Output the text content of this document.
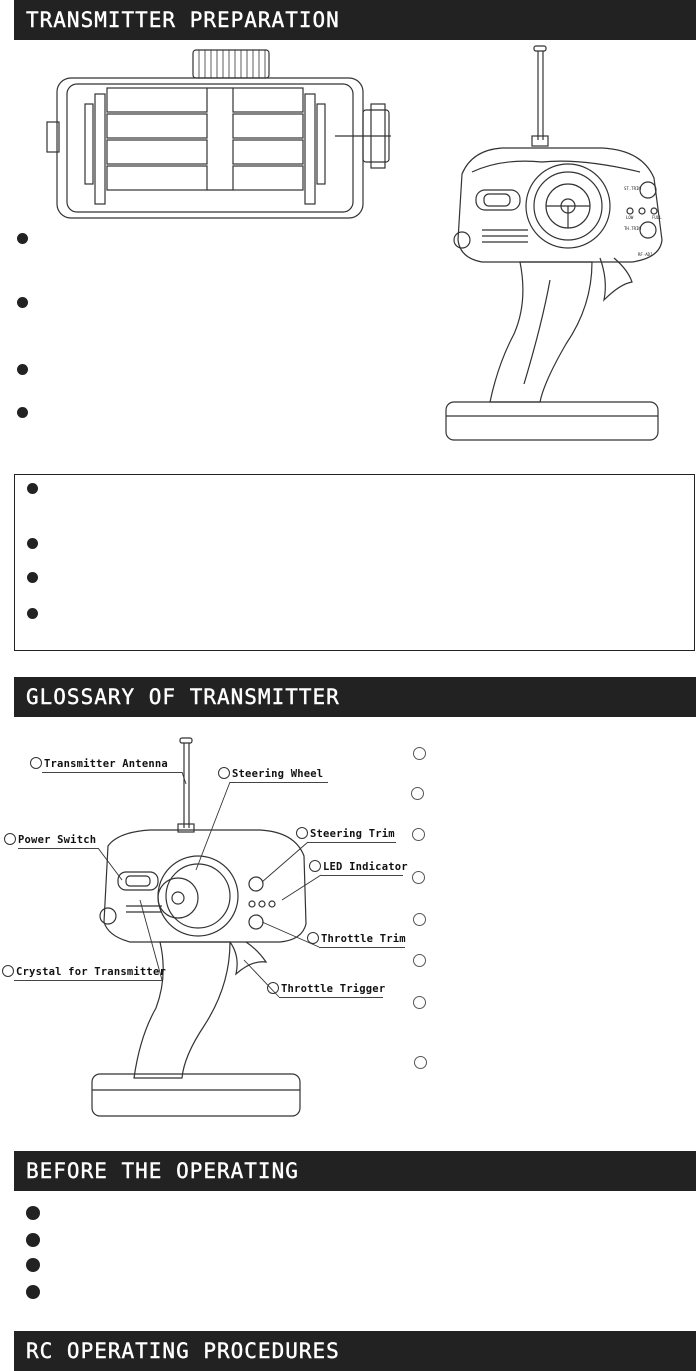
TRANSMITTER PREPARATION
ST.TRIM
TH.TRIM
LOW	FULL
RF-ADJ
GLOSSARY OF TRANSMITTER
Transmitter Antenna
Steering Wheel
Power Switch	Steering Trim
LED Indicator
Throttle Trim
Crystal for Transmitter
Throttle Trigger
BEFORE THE OPERATING
RC OPERATING PROCEDURES
